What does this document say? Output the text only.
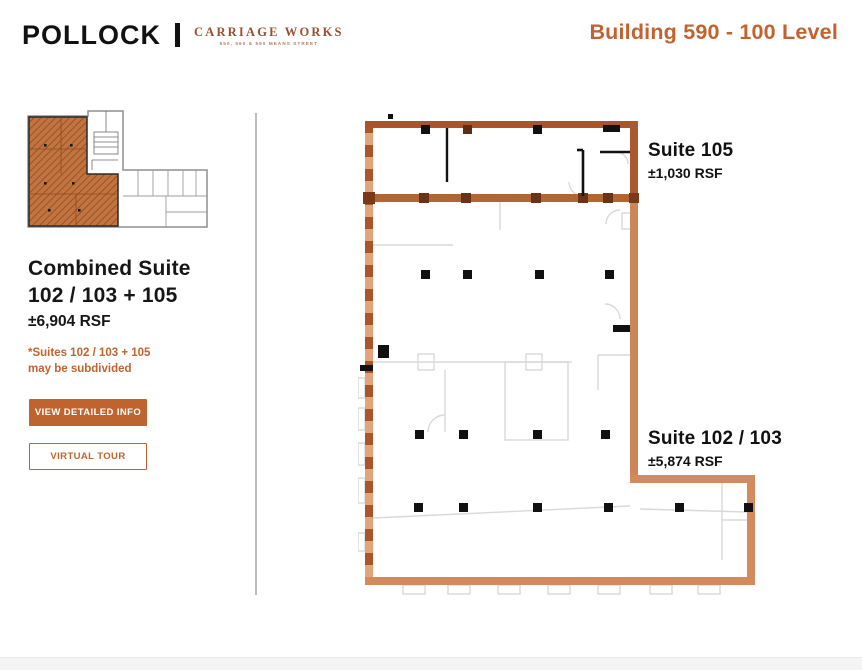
POLLOCK	CARRIAGE WORKS
550, 560 & 590 MEANS STREET	Building 590 - 100 Level
Combined Suite
102 / 103 + 105
±6,904 RSF
*Suites 102 / 103 + 105
may be subdivided
VIEW DETAILED INFO
VIRTUAL TOUR
Suite 105
±1,030 RSF
Suite 102 / 103
±5,874 RSF
